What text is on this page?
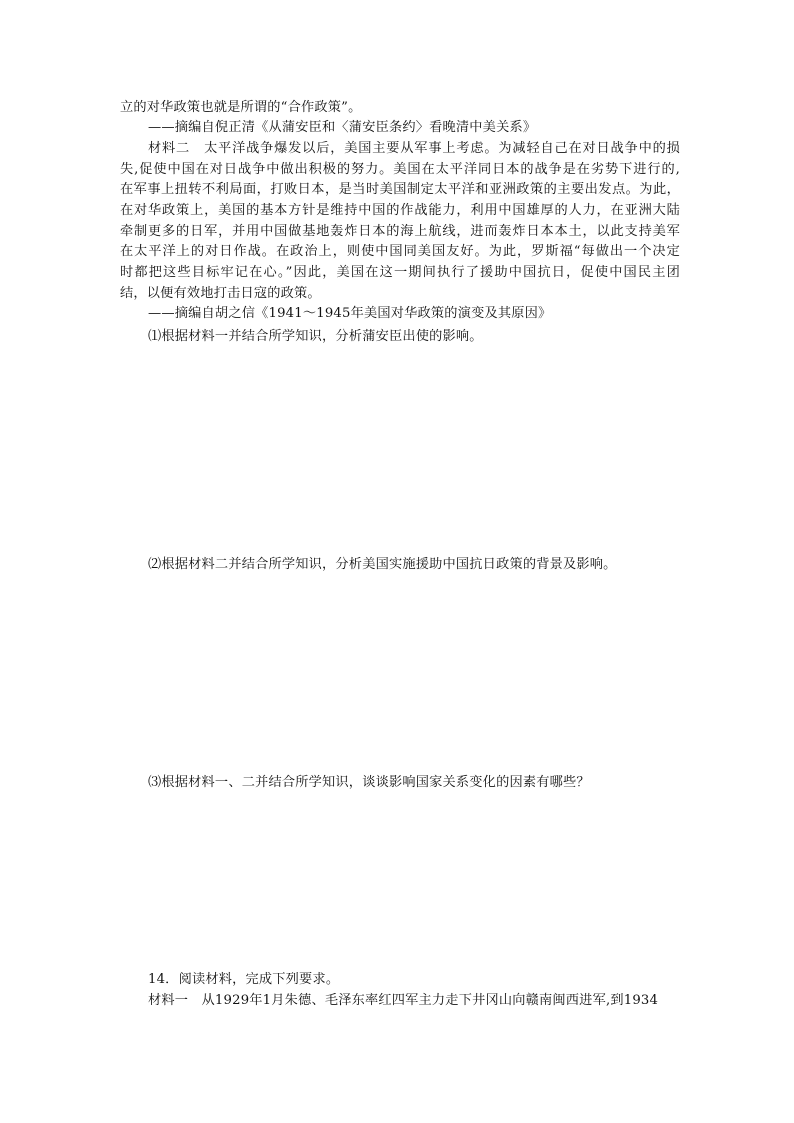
立的对华政策也就是所谓的“合作政策”。
——摘编自倪正清《从蒲安臣和〈蒲安臣条约〉看晚清中美关系》
材料二　太平洋战争爆发以后，美国主要从军事上考虑。为减轻自己在对日战争中的损
失,促使中国在对日战争中做出积极的努力。美国在太平洋同日本的战争是在劣势下进行的,
在军事上扭转不利局面，打败日本，是当时美国制定太平洋和亚洲政策的主要出发点。为此，
在对华政策上，美国的基本方针是维持中国的作战能力，利用中国雄厚的人力，在亚洲大陆
牵制更多的日军，并用中国做基地轰炸日本的海上航线，进而轰炸日本本土，以此支持美军
在太平洋上的对日作战。在政治上，则使中国同美国友好。为此，罗斯福“每做出一个决定
时都把这些目标牢记在心。”因此，美国在这一期间执行了援助中国抗日，促使中国民主团
结，以便有效地打击日寇的政策。
——摘编自胡之信《1941～1945年美国对华政策的演变及其原因》
⑴根据材料一并结合所学知识，分析蒲安臣出使的影响。
⑵根据材料二并结合所学知识，分析美国实施援助中国抗日政策的背景及影响。
⑶根据材料一、二并结合所学知识，谈谈影响国家关系变化的因素有哪些？
14．阅读材料，完成下列要求。
材料一　从1929年1月朱德、毛泽东率红四军主力走下井冈山向赣南闽西进军,到1934
